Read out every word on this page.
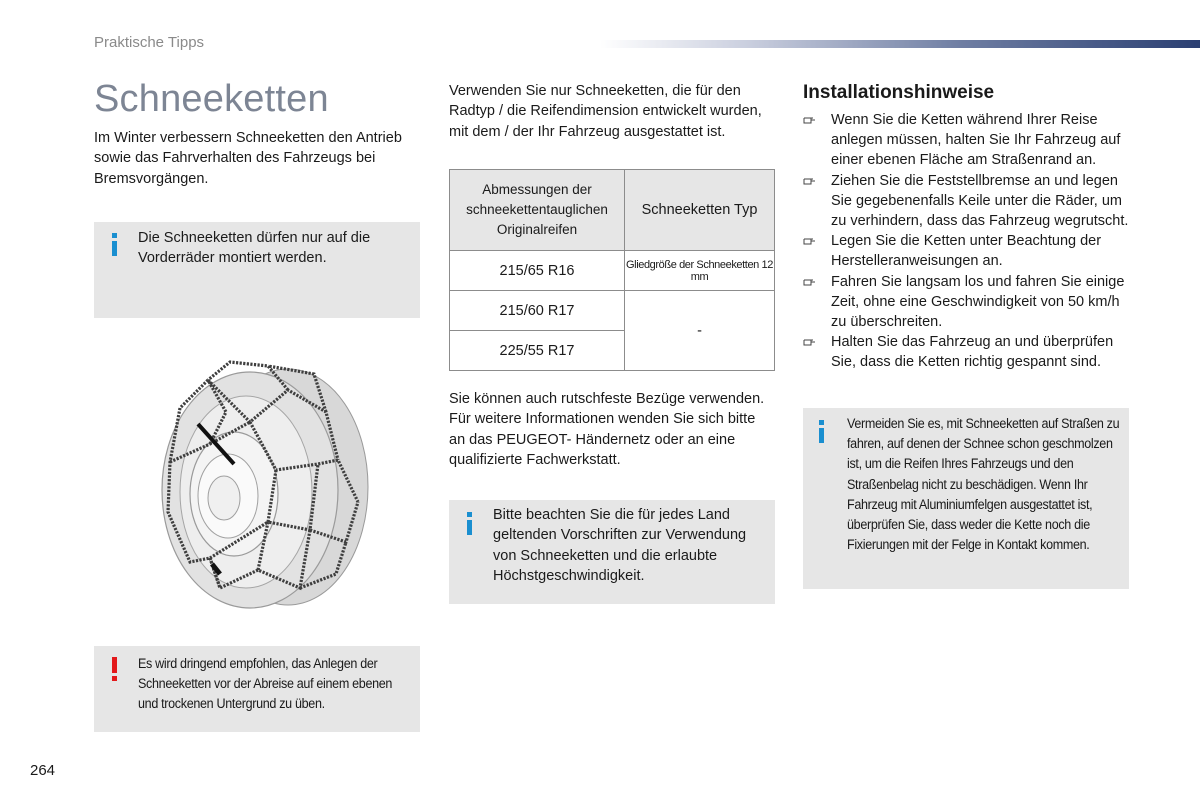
Praktische Tipps
Schneeketten
Im Winter verbessern Schneeketten den Antrieb sowie das Fahrverhalten des Fahrzeugs bei Bremsvorgängen.
Die Schneeketten dürfen nur auf die Vorderräder montiert werden.
Es wird dringend empfohlen, das Anlegen der Schneeketten vor der Abreise auf einem ebenen und trockenen Untergrund zu üben.
Verwenden Sie nur Schneeketten, die für den Radtyp / die Reifendimension entwickelt wurden, mit dem / der Ihr Fahrzeug ausgestattet ist.
Abmessungen der schneekettentauglichen Originalreifen	Schneeketten Typ
215/65 R16	Gliedgröße der Schneeketten 12 mm
215/60 R17	-
225/55 R17	
Sie können auch rutschfeste Bezüge verwenden. Für weitere Informationen wenden Sie sich bitte an das PEUGEOT- Händernetz oder an eine qualifizierte Fachwerkstatt.
Bitte beachten Sie die für jedes Land geltenden Vorschriften zur Verwendung von Schneeketten und die erlaubte Höchstgeschwindigkeit.
Installationshinweise
Wenn Sie die Ketten während Ihrer Reise anlegen müssen, halten Sie Ihr Fahrzeug auf einer ebenen Fläche am Straßenrand an.
Ziehen Sie die Feststellbremse an und legen Sie gegebenenfalls Keile unter die Räder, um zu verhindern, dass das Fahrzeug wegrutscht.
Legen Sie die Ketten unter Beachtung der Herstelleranweisungen an.
Fahren Sie langsam los und fahren Sie einige Zeit, ohne eine Geschwindigkeit von 50 km/h zu überschreiten.
Halten Sie das Fahrzeug an und überprüfen Sie, dass die Ketten richtig gespannt sind.
Vermeiden Sie es, mit Schneeketten auf Straßen zu fahren, auf denen der Schnee schon geschmolzen ist, um die Reifen Ihres Fahrzeugs und den Straßenbelag nicht zu beschädigen. Wenn Ihr Fahrzeug mit Aluminiumfelgen ausgestattet ist, überprüfen Sie, dass weder die Kette noch die Fixierungen mit der Felge in Kontakt kommen.
264
